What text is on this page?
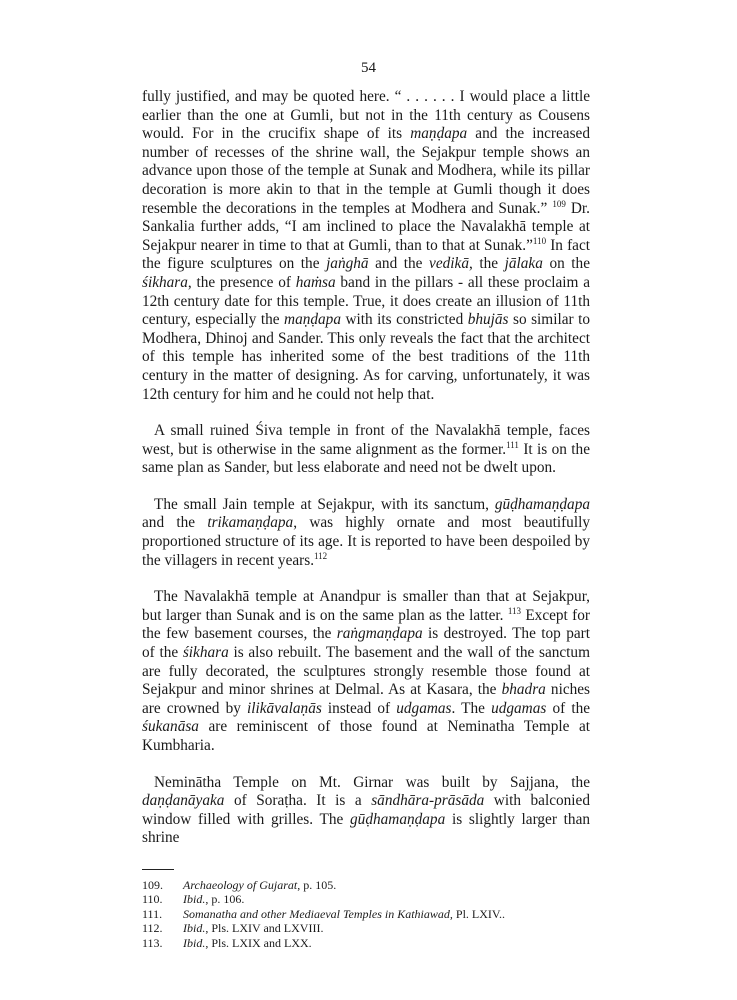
54

fully justified, and may be quoted here. “ . . . . . . I would place a little earlier than the one at Gumli, but not in the 11th century as Cousens would. For in the crucifix shape of its maṇḍapa and the increased number of recesses of the shrine wall, the Sejakpur temple shows an advance upon those of the temple at Sunak and Modhera, while its pillar decoration is more akin to that in the temple at Gumli though it does resemble the decorations in the temples at Modhera and Sunak.” $^{109}$ Dr. Sankalia further adds, “I am inclined to place the Navalakhā temple at Sejakpur nearer in time to that at Gumli, than to that at Sunak.”$^{110}$ In fact the figure sculptures on the jaṅghā and the vedikā, the jālaka on the śikhara, the presence of haṁsa band in the pillars - all these proclaim a 12th century date for this temple. True, it does create an illusion of 11th century, especially the maṇḍapa with its constricted bhujās so similar to Modhera, Dhinoj and Sander. This only reveals the fact that the architect of this temple has inherited some of the best traditions of the 11th century in the matter of designing. As for carving, unfortunately, it was 12th century for him and he could not help that.

A small ruined Śiva temple in front of the Navalakhā temple, faces west, but is otherwise in the same alignment as the former.$^{111}$ It is on the same plan as Sander, but less elaborate and need not be dwelt upon.

The small Jain temple at Sejakpur, with its sanctum, gūḍhamaṇḍapa and the trikamaṇḍapa, was highly ornate and most beautifully proportioned structure of its age. It is reported to have been despoiled by the villagers in recent years.$^{112}$

The Navalakhā temple at Anandpur is smaller than that at Sejakpur, but larger than Sunak and is on the same plan as the latter. $^{113}$ Except for the few basement courses, the raṅgmaṇḍapa is destroyed. The top part of the śikhara is also rebuilt. The basement and the wall of the sanctum are fully decorated, the sculptures strongly resemble those found at Sejakpur and minor shrines at Delmal. As at Kasara, the bhadra niches are crowned by ilikāvalaṇās instead of udgamas. The udgamas of the śukanāsa are reminiscent of those found at Neminatha Temple at Kumbharia.

Neminātha Temple on Mt. Girnar was built by Sajjana, the daṇḍanāyaka of Soraṭha. It is a sāndhāra-prāsāda with balconied window filled with grilles. The gūḍhamaṇḍapa is slightly larger than shrine

109.	Archaeology of Gujarat, p. 105.
110.	Ibid., p. 106.
111.	Somanatha and other Mediaeval Temples in Kathiawad, Pl. LXIV..
112.	Ibid., Pls. LXIV and LXVIII.
113.	Ibid., Pls. LXIX and LXX.
